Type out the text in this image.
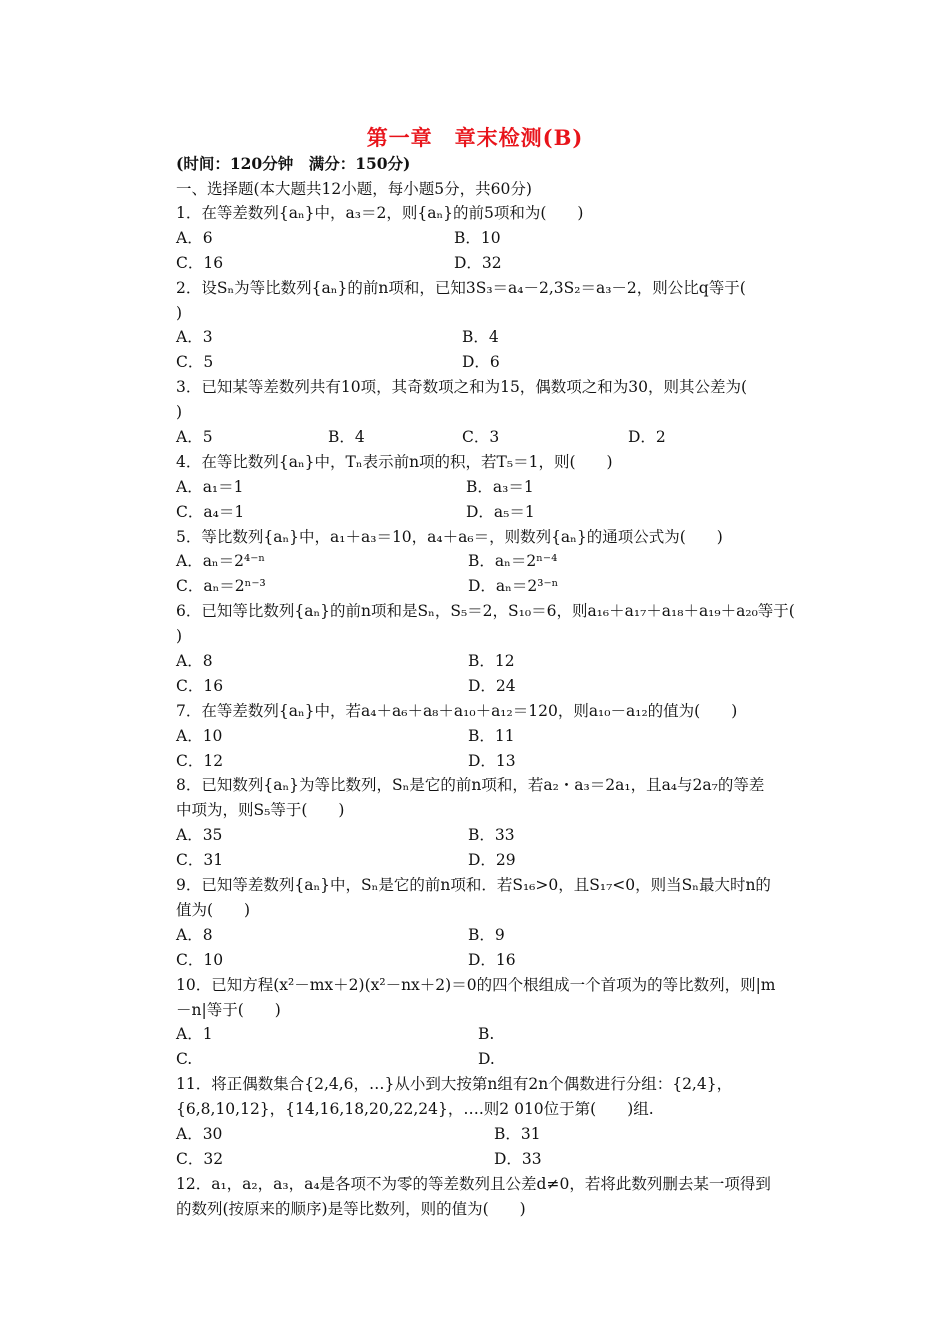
第一章　章末检测(B)
(时间：120分钟　满分：150分)
一、选择题(本大题共12小题，每小题5分，共60分)
1．在等差数列{aₙ}中，a₃＝2，则{aₙ}的前5项和为(　　)
A．6	B．10
C．16	D．32
2．设Sₙ为等比数列{aₙ}的前n项和，已知3S₃＝a₄－2,3S₂＝a₃－2，则公比q等于(
)
A．3	B．4
C．5	D．6
3．已知某等差数列共有10项，其奇数项之和为15，偶数项之和为30，则其公差为(
)
A．5	B．4	C．3	D．2
4．在等比数列{aₙ}中，Tₙ表示前n项的积，若T₅＝1，则(　　)
A．a₁＝1	B．a₃＝1
C．a₄＝1	D．a₅＝1
5．等比数列{aₙ}中，a₁＋a₃＝10，a₄＋a₆＝，则数列{aₙ}的通项公式为(　　)
A．aₙ＝2⁴⁻ⁿ	B．aₙ＝2ⁿ⁻⁴
C．aₙ＝2ⁿ⁻³	D．aₙ＝2³⁻ⁿ
6．已知等比数列{aₙ}的前n项和是Sₙ，S₅＝2，S₁₀＝6，则a₁₆＋a₁₇＋a₁₈＋a₁₉＋a₂₀等于(
)
A．8	B．12
C．16	D．24
7．在等差数列{aₙ}中，若a₄＋a₆＋a₈＋a₁₀＋a₁₂＝120，则a₁₀－a₁₂的值为(　　)
A．10	B．11
C．12	D．13
8．已知数列{aₙ}为等比数列，Sₙ是它的前n项和，若a₂・a₃＝2a₁，且a₄与2a₇的等差
中项为，则S₅等于(　　)
A．35	B．33
C．31	D．29
9．已知等差数列{aₙ}中，Sₙ是它的前n项和．若S₁₆>0，且S₁₇<0，则当Sₙ最大时n的
值为(　　)
A．8	B．9
C．10	D．16
10．已知方程(x²－mx＋2)(x²－nx＋2)＝0的四个根组成一个首项为的等比数列，则|m
－n|等于(　　)
A．1	B.
C.	D.
11．将正偶数集合{2,4,6，…}从小到大按第n组有2n个偶数进行分组：{2,4}，
{6,8,10,12}，{14,16,18,20,22,24}，….则2 010位于第(　　)组.
A．30	B．31
C．32	D．33
12．a₁，a₂，a₃，a₄是各项不为零的等差数列且公差d≠0，若将此数列删去某一项得到
的数列(按原来的顺序)是等比数列，则的值为(　　)
